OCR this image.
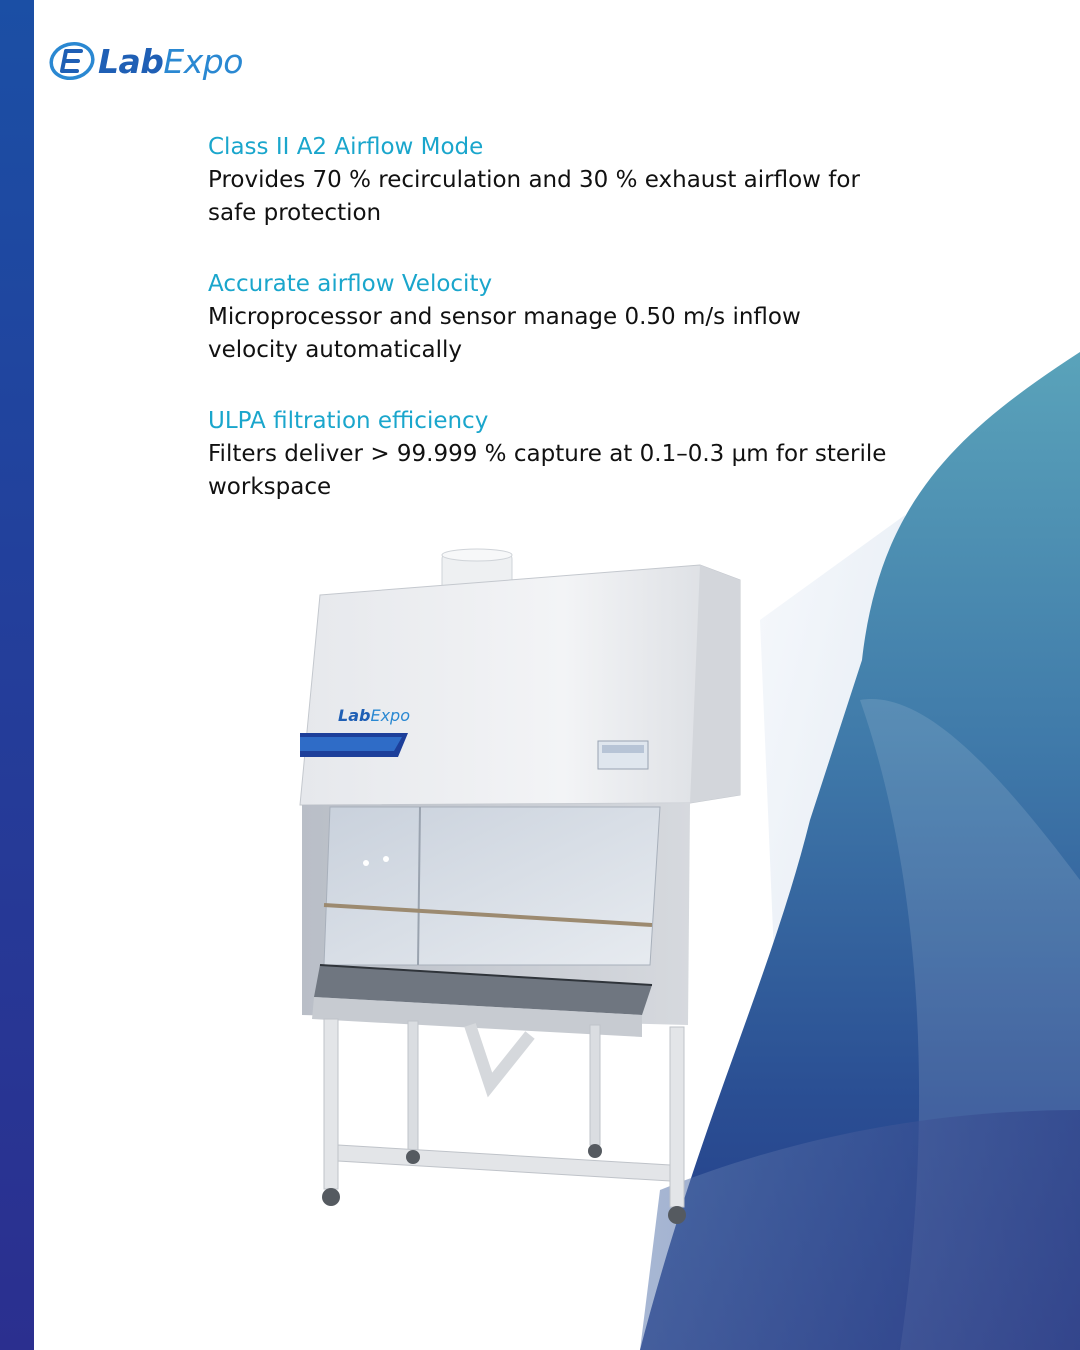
LabExpo
Class II A2 Airflow Mode

Provides 70 % recirculation and 30 % exhaust airflow for safe protection

Accurate airflow Velocity

Microprocessor and sensor manage 0.50 m/s inflow velocity automatically

ULPA filtration efficiency

Filters deliver > 99.999 % capture at 0.1–0.3 µm for sterile workspace

LabExpo
